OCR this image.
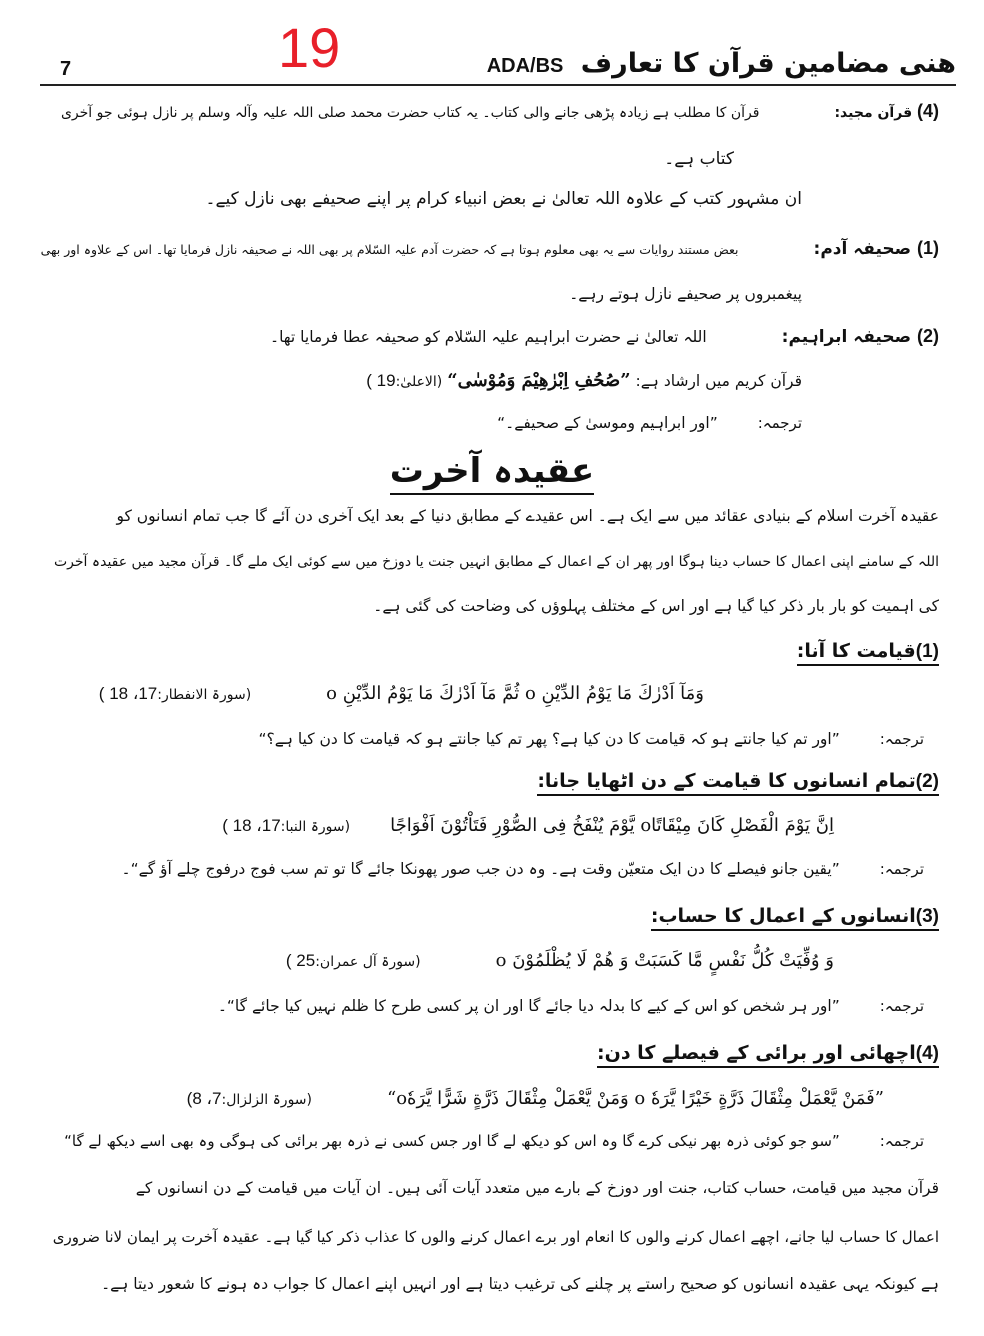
7	19	هنی مضامین قرآن کا تعارف ADA/BS
(4) قرآن مجید:قرآن کا مطلب ہے زیادہ پڑھی جانے والی کتاب۔ یہ کتاب حضرت محمد صلی اللہ علیہ وآلہ وسلم پر نازل ہوئی جو آخری
کتاب ہے۔
ان مشہور کتب کے علاوہ اللہ تعالیٰ نے بعض انبیاء کرام پر اپنے صحیفے بھی نازل کیے۔
(1) صحیفہ آدم:بعض مستند روایات سے یہ بھی معلوم ہوتا ہے کہ حضرت آدم علیہ السّلام پر بھی اللہ نے صحیفہ نازل فرمایا تھا۔ اس کے علاوہ اور بھی
پیغمبروں پر صحیفے نازل ہوتے رہے۔
(2) صحیفہ ابراہیم:اللہ تعالیٰ نے حضرت ابراہیم علیہ السّلام کو صحیفہ عطا فرمایا تھا۔
قرآن کریم میں ارشاد ہے: ”صُحُفِ اِبْرٰهِيْمَ وَمُوْسٰى“ (الاعلیٰ:19 )
ترجمہ:”اور ابراہیم وموسیٰ کے صحیفے۔“
عقیدہ آخرت
عقیدہ آخرت اسلام کے بنیادی عقائد میں سے ایک ہے۔ اس عقیدے کے مطابق دنیا کے بعد ایک آخری دن آئے گا جب تمام انسانوں کو
اللہ کے سامنے اپنی اعمال کا حساب دینا ہوگا اور پھر ان کے اعمال کے مطابق انہیں جنت یا دوزخ میں سے کوئی ایک ملے گا۔ قرآن مجید میں عقیدہ آخرت
کی اہمیت کو بار بار ذکر کیا گیا ہے اور اس کے مختلف پہلوؤں کی وضاحت کی گئی ہے۔
(1)قیامت کا آنا:
وَمَآ اَدْرٰكَ مَا يَوْمُ الدِّيْنِ o ثُمَّ مَآ اَدْرٰكَ مَا يَوْمُ الدِّيْنِ o(سورۃ الانفطار:17، 18 )
ترجمہ:”اور تم کیا جانتے ہو کہ قیامت کا دن کیا ہے؟ پھر تم کیا جانتے ہو کہ قیامت کا دن کیا ہے؟“
(2)تمام انسانوں کا قیامت کے دن اٹھایا جانا:
اِنَّ يَوْمَ الْفَصْلِ كَانَ مِيْقَاتًاo يَّوْمَ يُنْفَخُ فِى الصُّوْرِ فَتَاْتُوْنَ اَفْوَاجًا(سورۃ النبا:17، 18 )
ترجمہ:”یقین جانو فیصلے کا دن ایک متعیّن وقت ہے۔ وہ دن جب صور پھونکا جائے گا تو تم سب فوج درفوج چلے آؤ گے“۔
(3)انسانوں کے اعمال کا حساب:
وَ وُفِّيَتْ كُلُّ نَفْسٍ مَّا كَسَبَتْ وَ هُمْ لَا يُظْلَمُوْنَ o(سورۃ آل عمران:25 )
ترجمہ:”اور ہر شخص کو اس کے کیے کا بدلہ دیا جائے گا اور ان پر کسی طرح کا ظلم نہیں کیا جائے گا“۔
(4)اچھائی اور برائی کے فیصلے کا دن:
”فَمَنْ يَّعْمَلْ مِثْقَالَ ذَرَّةٍ خَيْرًا يَّرَهٗ o وَمَنْ يَّعْمَلْ مِثْقَالَ ذَرَّةٍ شَرًّا يَّرَهٗo“(سورۃ الزلزال:7، 8)
ترجمہ:”سو جو کوئی ذرہ بھر نیکی کرے گا وہ اس کو دیکھ لے گا اور جس کسی نے ذرہ بھر برائی کی ہوگی وہ بھی اسے دیکھ لے گا“
قرآن مجید میں قیامت، حساب کتاب، جنت اور دوزخ کے بارے میں متعدد آیات آئی ہیں۔ ان آیات میں قیامت کے دن انسانوں کے
اعمال کا حساب لیا جانے، اچھے اعمال کرنے والوں کا انعام اور برے اعمال کرنے والوں کا عذاب ذکر کیا گیا ہے۔ عقیدہ آخرت پر ایمان لانا ضروری
ہے کیونکہ یہی عقیدہ انسانوں کو صحیح راستے پر چلنے کی ترغیب دیتا ہے اور انہیں اپنے اعمال کا جواب دہ ہونے کا شعور دیتا ہے۔
